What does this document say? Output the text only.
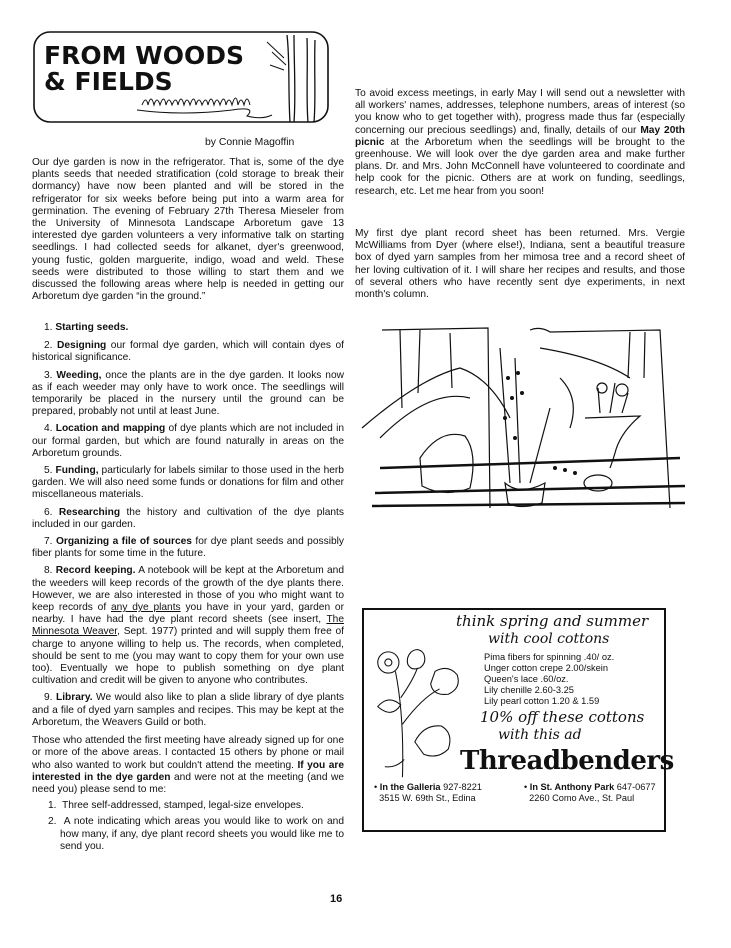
FROM WOODS
& FIELDS
by Connie Magoffin
Our dye garden is now in the refrigerator. That is, some of the dye plants seeds that needed stratification (cold storage to break their dormancy) have now been planted and will be stored in the refrigerator for six weeks before being put into a warm area for germination. The evening of February 27th Theresa Mieseler from the University of Minnesota Landscape Arboretum gave 13 interested dye garden volunteers a very informative talk on starting seedlings. I had collected seeds for alkanet, dyer's greenwood, young fustic, golden marguerite, indigo, woad and weld. These seeds were distributed to those willing to start them and we discussed the following areas where help is needed in getting our Arboretum dye garden “in the ground.”
To avoid excess meetings, in early May I will send out a newsletter with all workers' names, addresses, telephone numbers, areas of interest (so you know who to get together with), progress made thus far (especially concerning our precious seedlings) and, finally, details of our May 20th picnic at the Arboretum when the seedlings will be brought to the greenhouse. We will look over the dye garden area and make further plans. Dr. and Mrs. John McConnell have volunteered to coordinate and help cook for the picnic. Others are at work on funding, seedlings, research, etc. Let me hear from you soon!
My first dye plant record sheet has been returned. Mrs. Vergie McWilliams from Dyer (where else!), Indiana, sent a beautiful treasure box of dyed yarn samples from her mimosa tree and a record sheet of her loving cultivation of it. I will share her recipes and results, and those of several others who have recently sent dye experiments, in next month's column.

1. Starting seeds.

2. Designing our formal dye garden, which will contain dyes of historical significance.

3. Weeding, once the plants are in the dye garden. It looks now as if each weeder may only have to work once. The seedlings will temporarily be placed in the nursery until the ground can be prepared, probably not until at least June.

4. Location and mapping of dye plants which are not included in our formal garden, but which are found naturally in areas on the Arboretum grounds.

5. Funding, particularly for labels similar to those used in the herb garden. We will also need some funds or donations for film and other miscellaneous materials.

6. Researching the history and cultivation of the dye plants included in our garden.

7. Organizing a file of sources for dye plant seeds and possibly fiber plants for some time in the future.

8. Record keeping. A notebook will be kept at the Arboretum and the weeders will keep records of the growth of the dye plants there. However, we are also interested in those of you who might want to keep records of any dye plants you have in your yard, garden or nearby. I have had the dye plant record sheets (see insert, The Minnesota Weaver, Sept. 1977) printed and will supply them free of charge to anyone willing to help us. The records, when completed, should be sent to me (you may want to copy them for your own use too). Eventually we hope to publish something on dye plant cultivation and credit will be given to anyone who contributes.

9. Library. We would also like to plan a slide library of dye plants and a file of dyed yarn samples and recipes. This may be kept at the Arboretum, the Weavers Guild or both.

Those who attended the first meeting have already signed up for one or more of the above areas. I contacted 15 others by phone or mail who also wanted to work but couldn't attend the meeting. If you are interested in the dye garden and were not at the meeting (and we need you) please send to me:

1. Three self-addressed, stamped, legal-size envelopes.

2. A note indicating which areas you would like to work on and how many, if any, dye plant record sheets you would like me to send you.

think spring and summer
with cool cottons
Pima fibers for spinning .40/ oz.
Unger cotton crepe 2.00/skein
Queen's lace .60/oz.
Lily chenille 2.60-3.25
Lily pearl cotton 1.20 & 1.59
10% off these cottons
with this ad
Threadbenders
• In the Galleria 927-8221
3515 W. 69th St., Edina
• In St. Anthony Park 647-0677
2260 Como Ave., St. Paul
16
